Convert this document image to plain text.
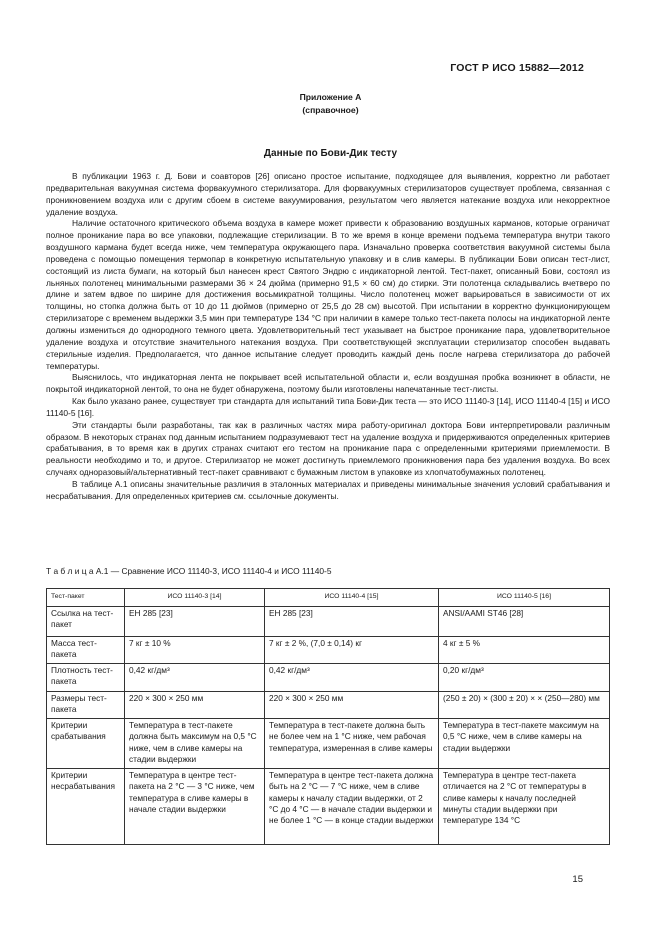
ГОСТ Р ИСО 15882—2012
Приложение А
(справочное)
Данные по Бови-Дик тесту

В публикации 1963 г. Д. Бови и соавторов [26] описано простое испытание, подходящее для выявления, корректно ли работает предварительная вакуумная система форвакуумного стерилизатора. Для форвакуумных стерилизаторов существует проблема, связанная с проникновением воздуха или с другим сбоем в системе вакуумирования, результатом чего является натекание воздуха или некорректное удаление воздуха.

Наличие остаточного критического объема воздуха в камере может привести к образованию воздушных карманов, которые ограничат полное проникание пара во все упаковки, подлежащие стерилизации. В то же время в конце времени подъема температура внутри такого воздушного кармана будет всегда ниже, чем температура окружающего пара. Изначально проверка соответствия вакуумной системы была проведена с помощью помещения термопар в конкретную испытательную упаковку и в слив камеры. В публикации Бови описан тест-лист, состоящий из листа бумаги, на который был нанесен крест Святого Эндрю с индикаторной лентой. Тест-пакет, описанный Бови, состоял из льняных полотенец минимальными размерами 36 × 24 дюйма (примерно 91,5 × 60 см) до стирки. Эти полотенца складывались вчетверо по длине и затем вдвое по ширине для достижения восьмикратной толщины. Число полотенец может варьироваться в зависимости от их толщины, но стопка должна быть от 10 до 11 дюймов (примерно от 25,5 до 28 см) высотой. При испытании в корректно функционирующем стерилизаторе с временем выдержки 3,5 мин при температуре 134 °С при наличии в камере только тест-пакета полосы на индикаторной ленте должны измениться до однородного темного цвета. Удовлетворительный тест указывает на быстрое проникание пара, удовлетворительное удаление воздуха и отсутствие значительного натекания воздуха. При соответствующей эксплуатации стерилизатор способен выдавать стерильные изделия. Предполагается, что данное испытание следует проводить каждый день после нагрева стерилизатора до рабочей температуры.

Выяснилось, что индикаторная лента не покрывает всей испытательной области и, если воздушная пробка возникнет в области, не покрытой индикаторной лентой, то она не будет обнаружена, поэтому были изготовлены напечатанные тест-листы.

Как было указано ранее, существует три стандарта для испытаний типа Бови-Дик теста — это ИСО 11140-3 [14], ИСО 11140-4 [15] и ИСО 11140-5 [16].

Эти стандарты были разработаны, так как в различных частях мира работу-оригинал доктора Бови интерпретировали различным образом. В некоторых странах под данным испытанием подразумевают тест на удаление воздуха и придерживаются определенных критериев срабатывания, в то время как в других странах считают его тестом на проникание пара с определенными критериями приемлемости. В реальности необходимо и то, и другое. Стерилизатор не может достигнуть приемлемого проникновения пара без удаления воздуха. Во всех случаях одноразовый/альтернативный тест-пакет сравнивают с бумажным листом в упаковке из хлопчатобумажных полотенец.

В таблице А.1 описаны значительные различия в эталонных материалах и приведены минимальные значения условий срабатывания и несрабатывания. Для определенных критериев см. ссылочные документы.

Т а б л и ц а А.1 — Сравнение ИСО 11140-3, ИСО 11140-4 и ИСО 11140-5
Тест-пакет	ИСО 11140-3 [14]	ИСО 11140-4 [15]	ИСО 11140-5 [16]
Ссылка на тест-пакет	ЕН 285 [23]	ЕН 285 [23]	ANSI/AAMI ST46 [28]
Масса тест-пакета	7 кг ± 10 %	7 кг ± 2 %, (7,0 ± 0,14) кг	4 кг ± 5 %
Плотность тест-пакета	0,42 кг/дм³	0,42 кг/дм³	0,20 кг/дм³
Размеры тест-пакета	220 × 300 × 250 мм	220 × 300 × 250 мм	(250 ± 20) × (300 ± 20) × × (250—280) мм
Критерии срабатывания	Температура в тест-пакете должна быть максимум на 0,5 °С ниже, чем в сливе камеры на стадии выдержки	Температура в тест-пакете должна быть не более чем на 1 °С ниже, чем рабочая температура, измеренная в сливе камеры	Температура в тест-пакете максимум на 0,5 °С ниже, чем в сливе камеры на стадии выдержки
Критерии несрабатывания	Температура в центре тест-пакета на 2 °С — 3 °С ниже, чем температура в сливе камеры в начале стадии выдержки	Температура в центре тест-пакета должна быть на 2 °С — 7 °С ниже, чем в сливе камеры к началу стадии выдержки, от 2 °С до 4 °С — в начале стадии выдержки и не более 1 °С — в конце стадии выдержки	Температура в центре тест-пакета отличается на 2 °С от температуры в сливе камеры к началу последней минуты стадии выдержки при температуре 134 °С
15
